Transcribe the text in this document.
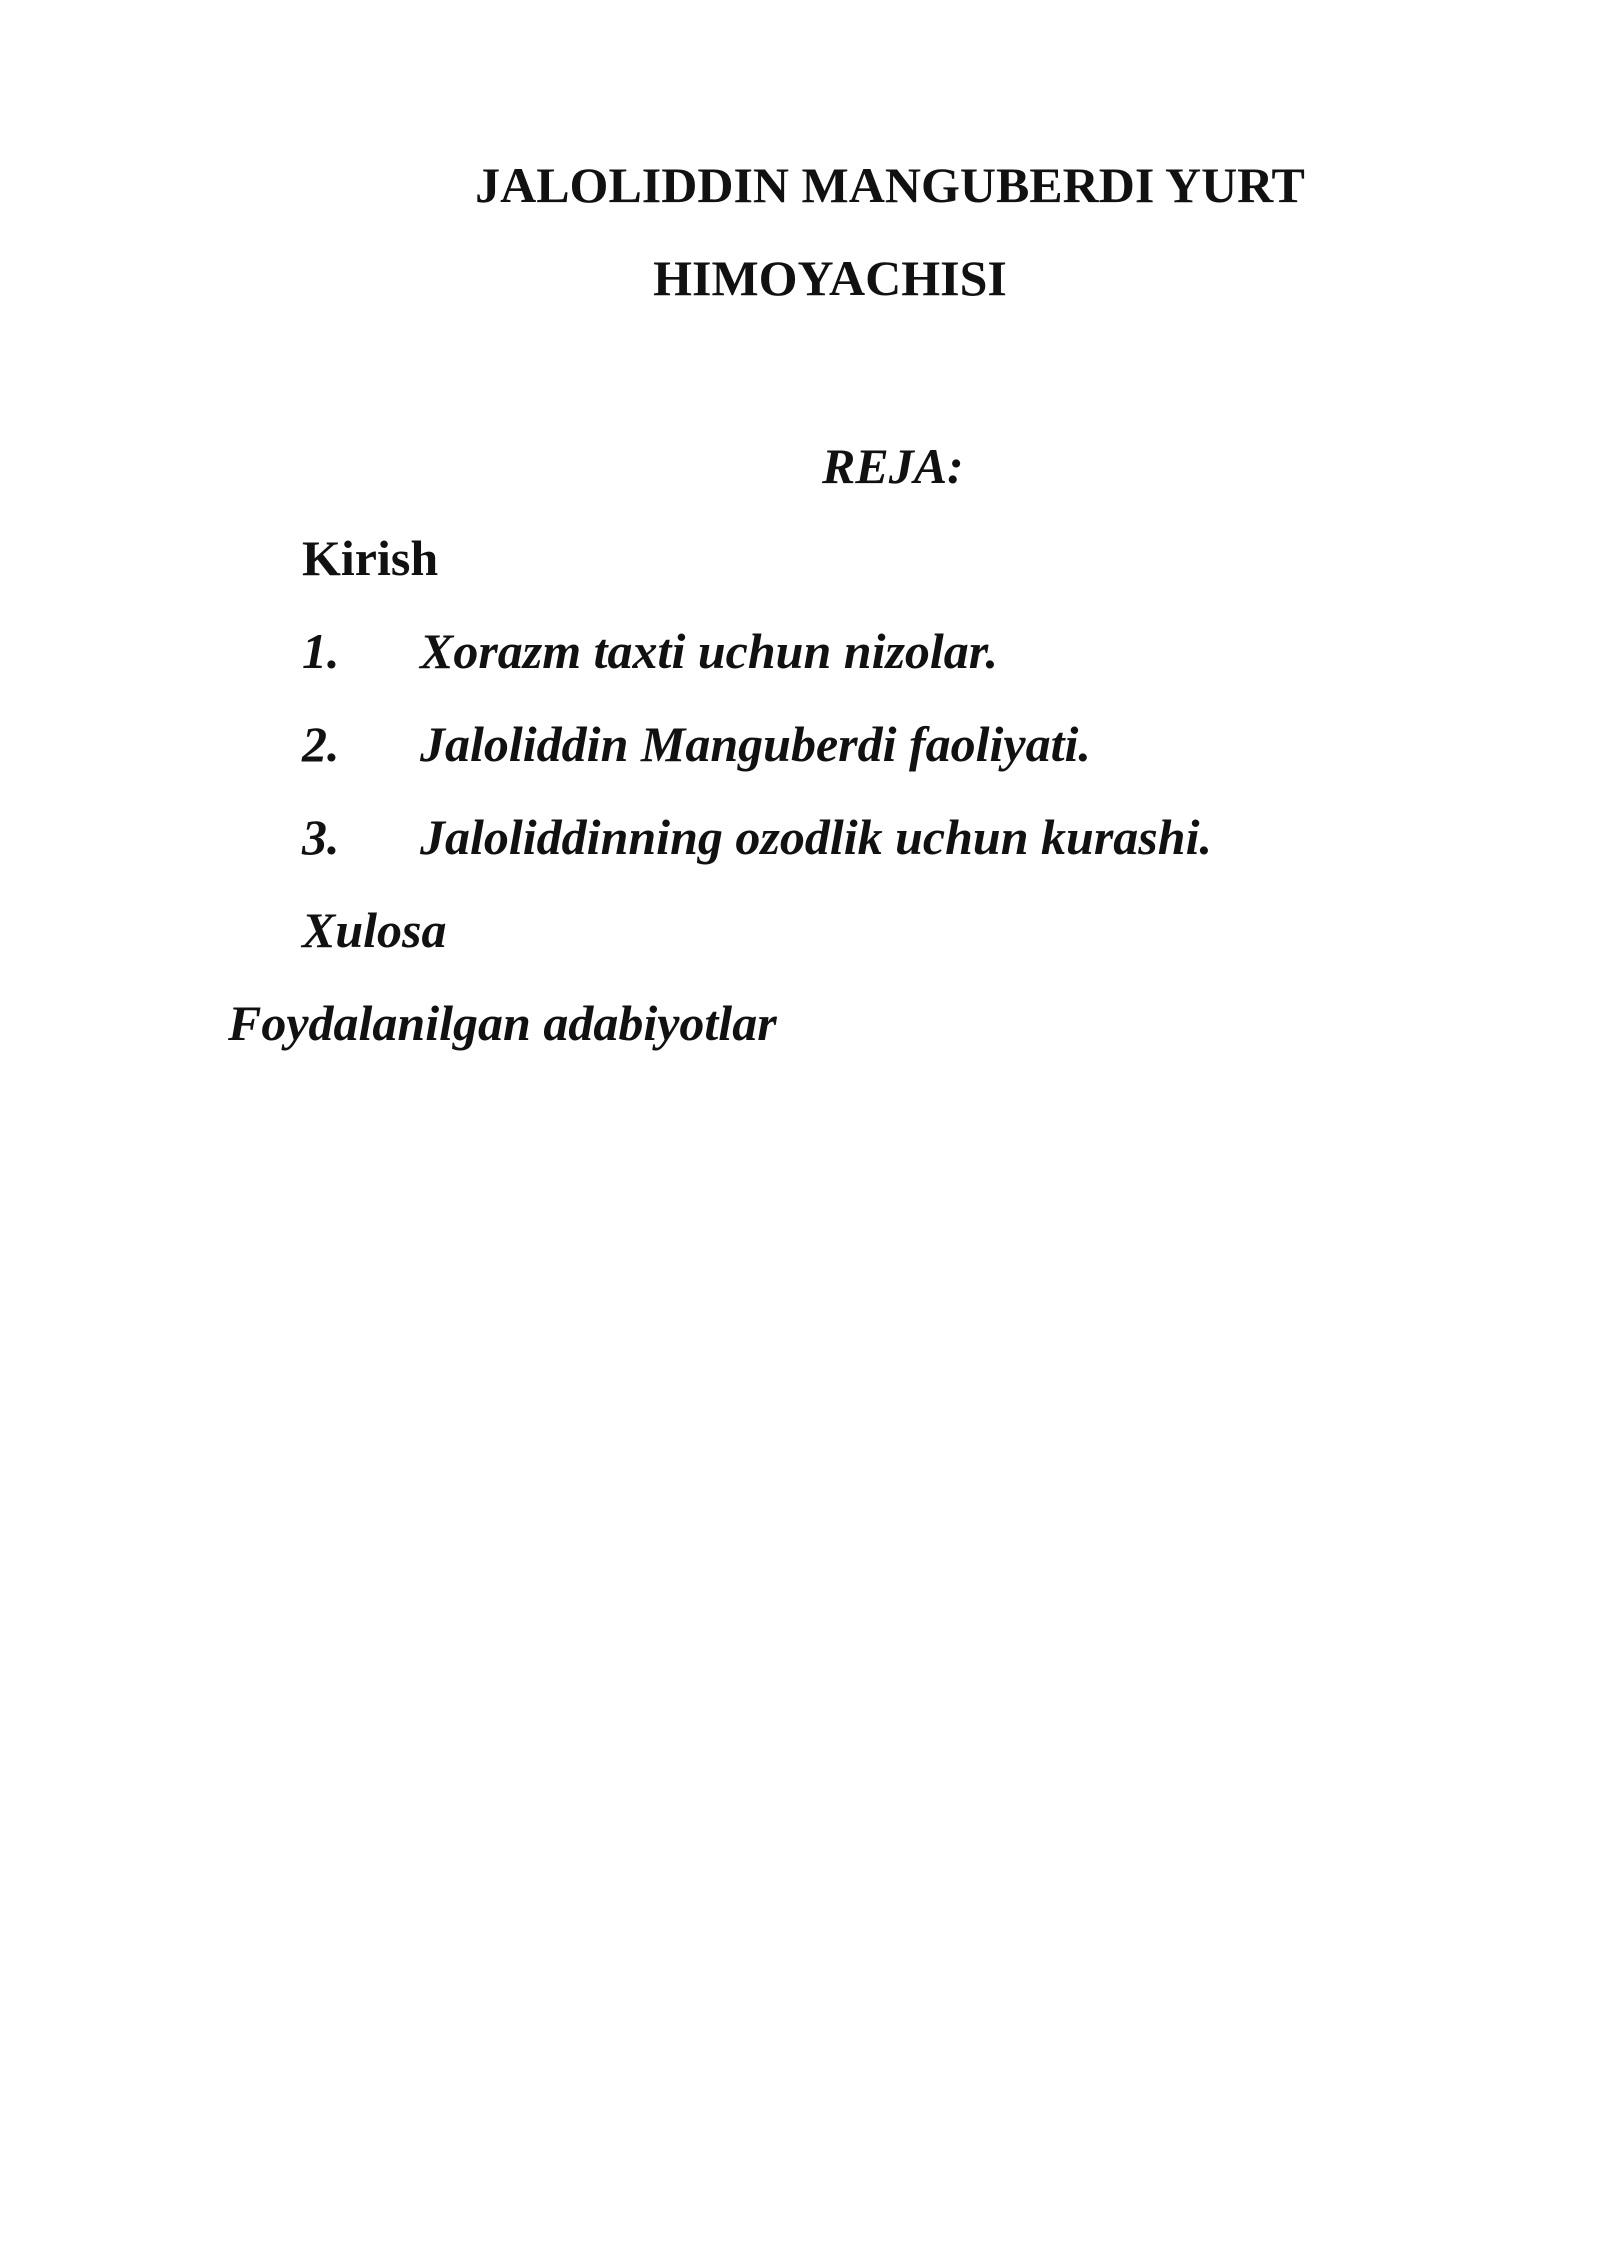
JALOLIDDIN MANGUBERDI YURT
HIMOYACHISI
REJA:
Kirish
1. Xorazm taxti uchun nizolar.
2. Jaloliddin Manguberdi faoliyati.
3. Jaloliddinning ozodlik uchun kurashi.
Xulosa
Foydalanilgan adabiyotlar
